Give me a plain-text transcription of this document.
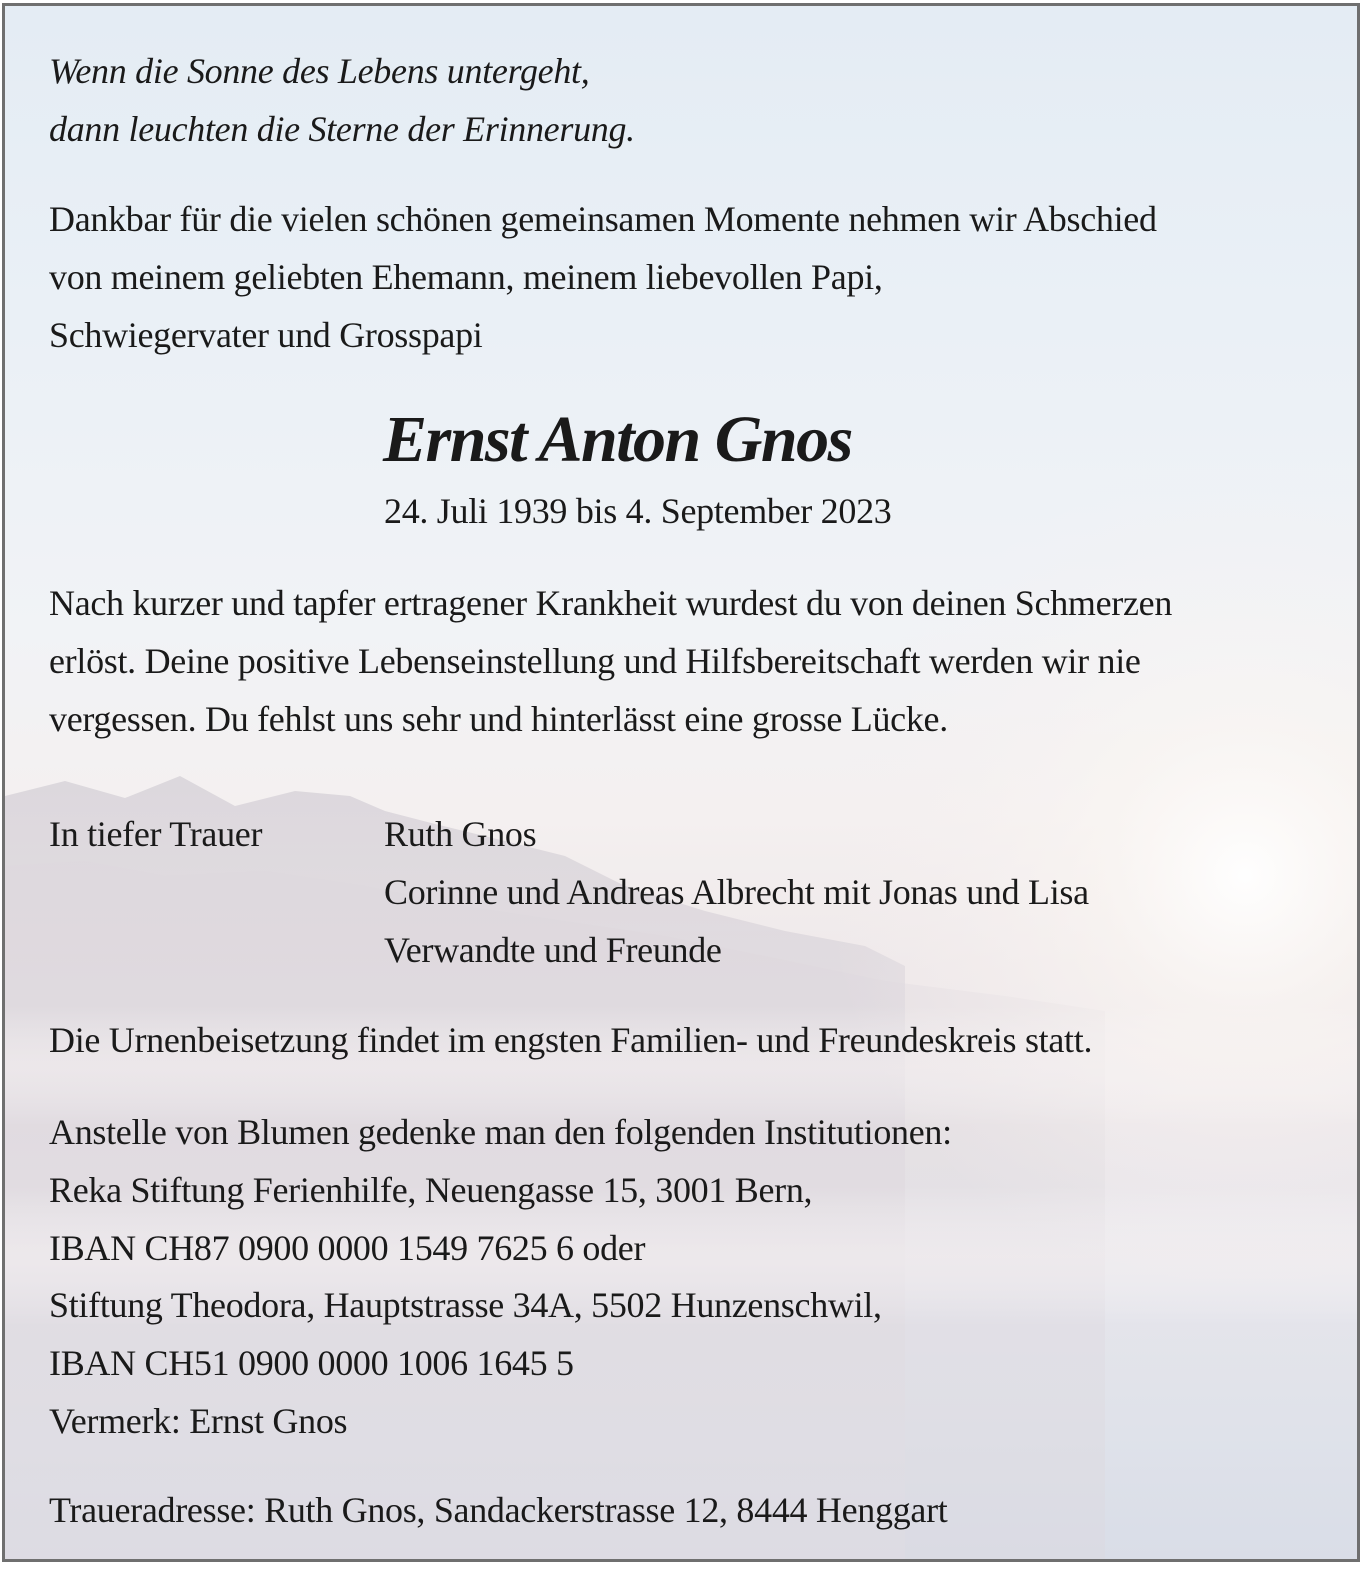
Wenn die Sonne des Lebens untergeht,
dann leuchten die Sterne der Erinnerung.
Dankbar für die vielen schönen gemeinsamen Momente nehmen wir Abschied
von meinem geliebten Ehemann, meinem liebevollen Papi,
Schwiegervater und Grosspapi
Ernst Anton Gnos
24. Juli 1939 bis 4. September 2023
Nach kurzer und tapfer ertragener Krankheit wurdest du von deinen Schmerzen
erlöst. Deine positive Lebenseinstellung und Hilfsbereitschaft werden wir nie
vergessen. Du fehlst uns sehr und hinterlässt eine grosse Lücke.
In tiefer Trauer	Ruth Gnos
Corinne und Andreas Albrecht mit Jonas und Lisa
Verwandte und Freunde
Die Urnenbeisetzung findet im engsten Familien- und Freundeskreis statt.
Anstelle von Blumen gedenke man den folgenden Institutionen:
Reka Stiftung Ferienhilfe, Neuengasse 15, 3001 Bern,
IBAN CH87 0900 0000 1549 7625 6 oder
Stiftung Theodora, Hauptstrasse 34A, 5502 Hunzenschwil,
IBAN CH51 0900 0000 1006 1645 5
Vermerk: Ernst Gnos
Traueradresse: Ruth Gnos, Sandackerstrasse 12, 8444 Henggart
